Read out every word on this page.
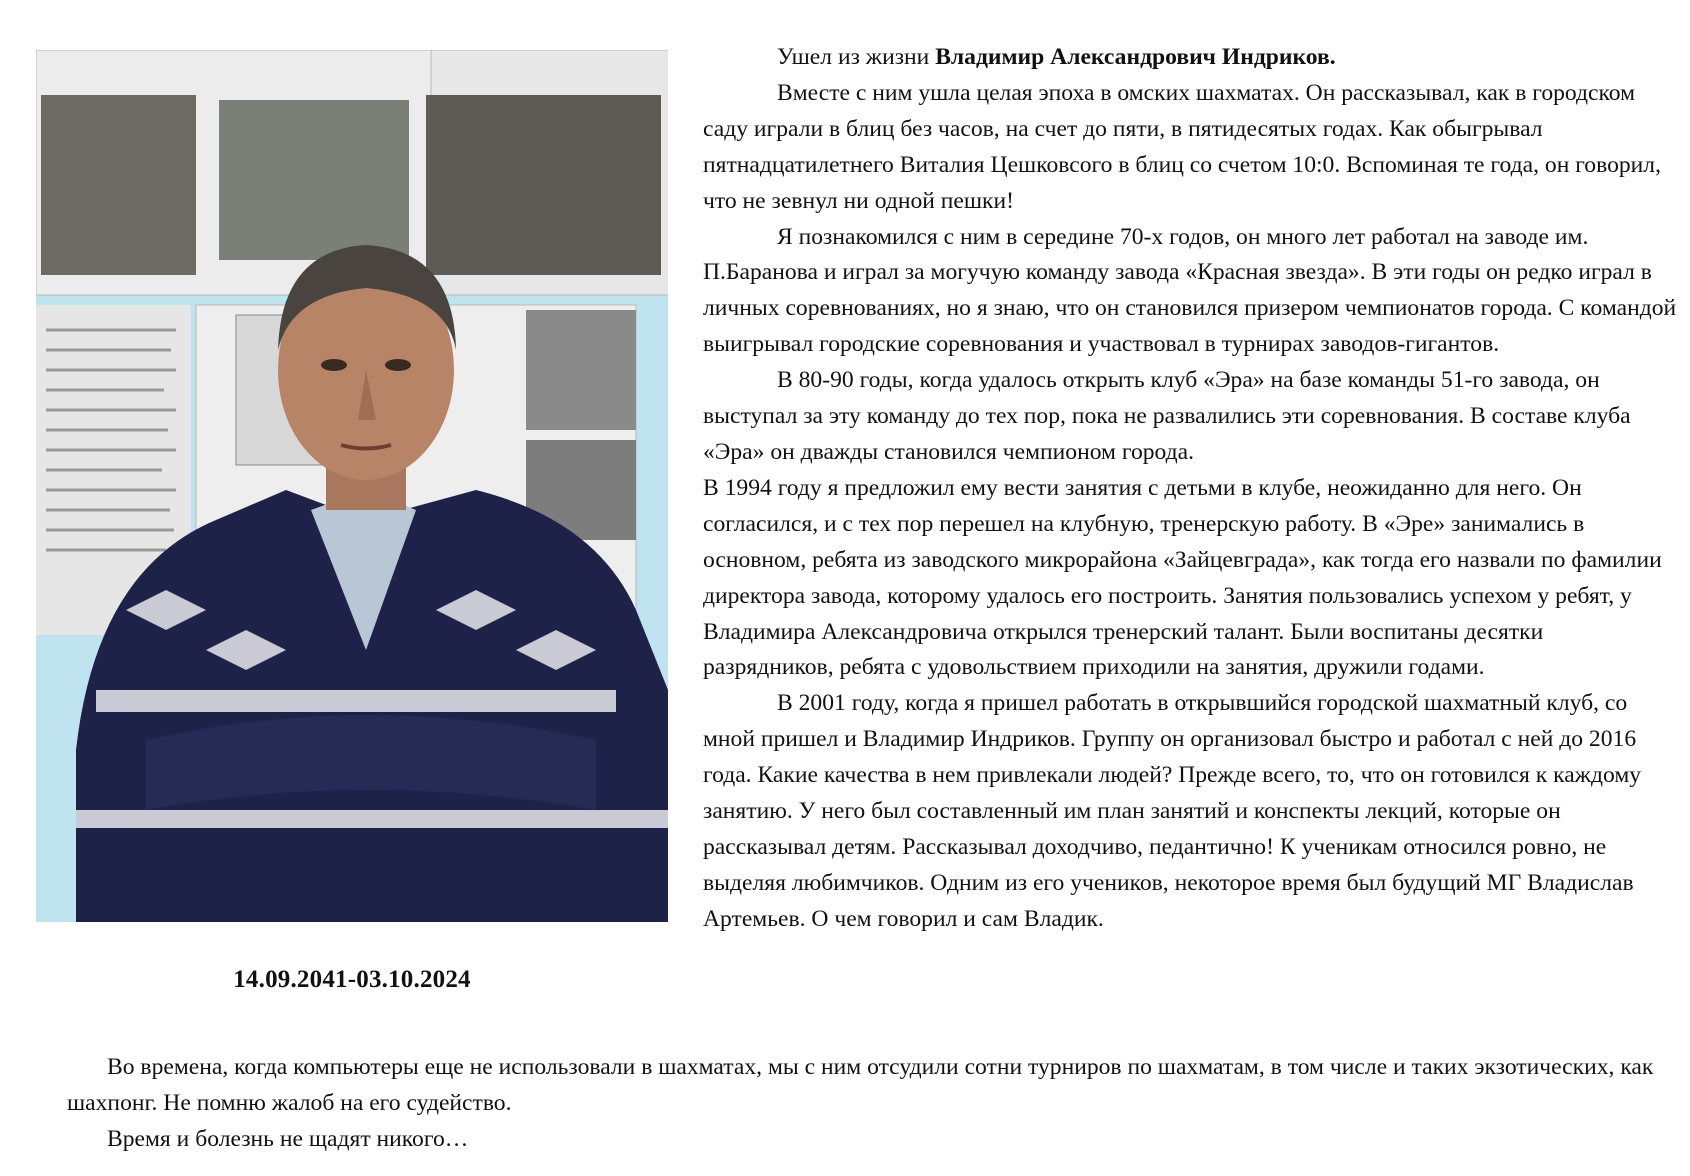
14.09.2041-03.10.2024

Ушел из жизни Владимир Александрович Индриков.

Вместе с ним ушла целая эпоха в омских шахматах. Он рассказывал, как в городском саду играли в блиц без часов, на счет до пяти, в пятидесятых годах. Как обыгрывал пятнадцатилетнего Виталия Цешковсого в блиц со счетом 10:0. Вспоминая те года, он говорил, что не зевнул ни одной пешки!

Я познакомился с ним в середине 70-х годов, он много лет работал на заводе им. П.Баранова и играл за могучую команду завода «Красная звезда». В эти годы он редко играл в личных соревнованиях, но я знаю, что он становился призером чемпионатов города. С командой выигрывал городские соревнования и участвовал в турнирах заводов-гигантов.

В 80-90 годы, когда удалось открыть клуб «Эра» на базе команды 51-го завода, он выступал за эту команду до тех пор, пока не развалились эти соревнования. В составе клуба «Эра» он дважды становился чемпионом города.

В 1994 году я предложил ему вести занятия с детьми в клубе, неожиданно для него. Он согласился, и с тех пор перешел на клубную, тренерскую работу. В «Эре» занимались в основном, ребята из заводского микрорайона «Зайцевграда», как тогда его назвали по фамилии директора завода, которому удалось его построить. Занятия пользовались успехом у ребят, у Владимира Александровича открылся тренерский талант. Были воспитаны десятки разрядников, ребята с удовольствием приходили на занятия, дружили годами.

В 2001 году, когда я пришел работать в открывшийся городской шахматный клуб, со мной пришел и Владимир Индриков. Группу он организовал быстро и работал с ней до 2016 года. Какие качества в нем привлекали людей? Прежде всего, то, что он готовился к каждому занятию. У него был составленный им план занятий и конспекты лекций, которые он рассказывал детям. Рассказывал доходчиво, педантично! К ученикам относился ровно, не выделяя любимчиков. Одним из его учеников, некоторое время был будущий МГ Владислав Артемьев. О чем говорил и сам Владик.

Во времена, когда компьютеры еще не использовали в шахматах, мы с ним отсудили сотни турниров по шахматам, в том числе и таких экзотических, как шахпонг. Не помню жалоб на его судейство.

Время и болезнь не щадят никого…
